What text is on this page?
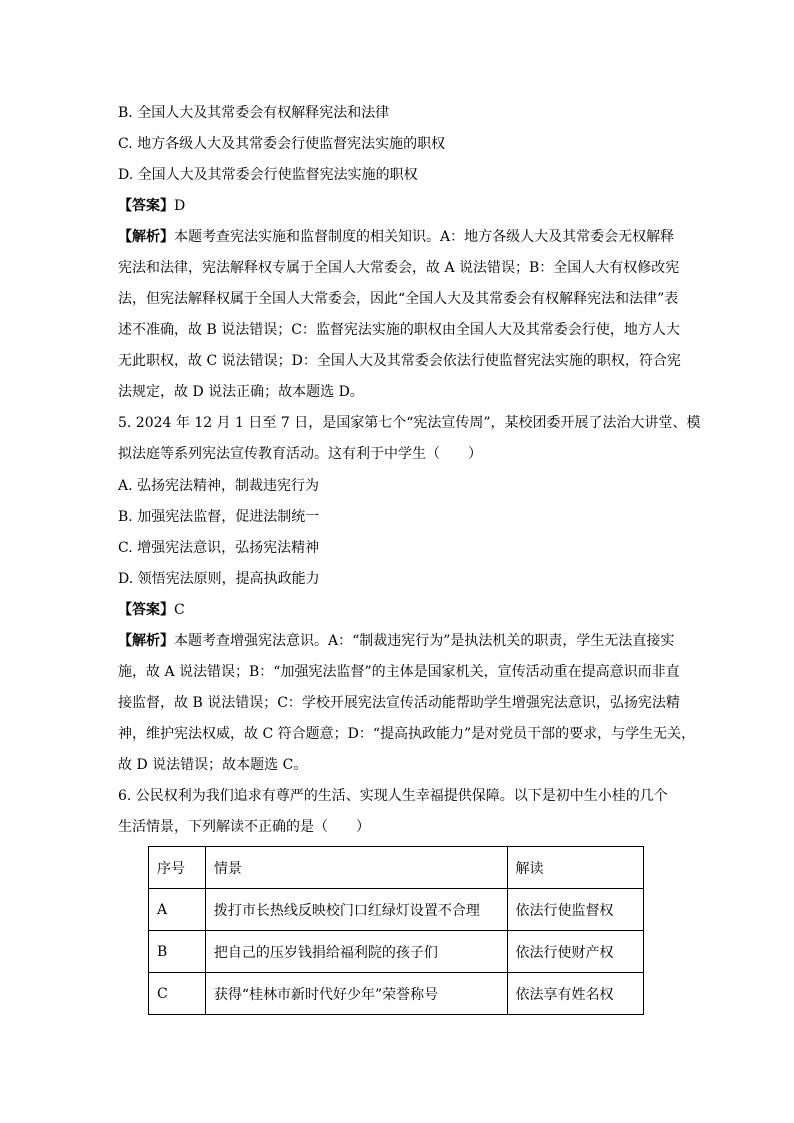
B. 全国人大及其常委会有权解释宪法和法律
C. 地方各级人大及其常委会行使监督宪法实施的职权
D. 全国人大及其常委会行使监督宪法实施的职权
【答案】D
【解析】本题考查宪法实施和监督制度的相关知识。A：地方各级人大及其常委会无权解释
宪法和法律，宪法解释权专属于全国人大常委会，故 A 说法错误；B：全国人大有权修改宪
法，但宪法解释权属于全国人大常委会，因此“全国人大及其常委会有权解释宪法和法律”表
述不准确，故 B 说法错误；C：监督宪法实施的职权由全国人大及其常委会行使，地方人大
无此职权，故 C 说法错误；D：全国人大及其常委会依法行使监督宪法实施的职权，符合宪
法规定，故 D 说法正确；故本题选 D。
5. 2024 年 12 月 1 日至 7 日，是国家第七个“宪法宣传周”，某校团委开展了法治大讲堂、模
拟法庭等系列宪法宣传教育活动。这有利于中学生（　　）
A. 弘扬宪法精神，制裁违宪行为
B. 加强宪法监督，促进法制统一
C. 增强宪法意识，弘扬宪法精神
D. 领悟宪法原则，提高执政能力
【答案】C
【解析】本题考查增强宪法意识。A：“制裁违宪行为”是执法机关的职责，学生无法直接实
施，故 A 说法错误；B：“加强宪法监督”的主体是国家机关，宣传活动重在提高意识而非直
接监督，故 B 说法错误；C：学校开展宪法宣传活动能帮助学生增强宪法意识，弘扬宪法精
神，维护宪法权威，故 C 符合题意；D：“提高执政能力”是对党员干部的要求，与学生无关，
故 D 说法错误；故本题选 C。
6. 公民权利为我们追求有尊严的生活、实现人生幸福提供保障。以下是初中生小桂的几个
生活情景，下列解读不正确的是（　　）
序号	情景	解读
A	拨打市长热线反映校门口红绿灯设置不合理	依法行使监督权
B	把自己的压岁钱捐给福利院的孩子们	依法行使财产权
C	获得“桂林市新时代好少年”荣誉称号	依法享有姓名权
